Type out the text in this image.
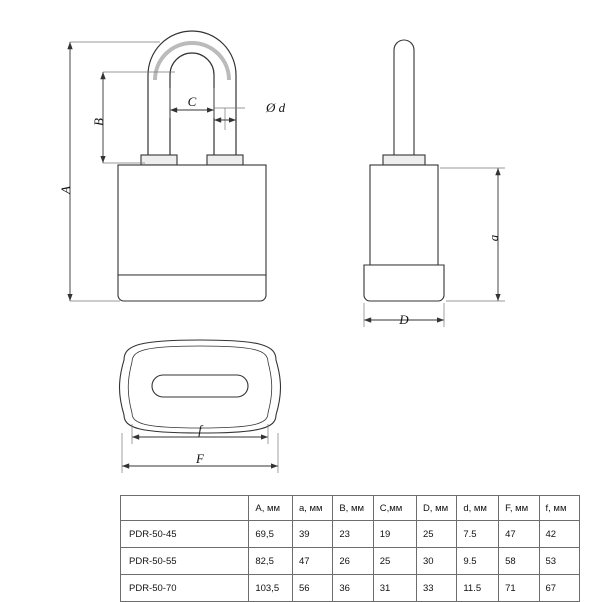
A
B
C	Ø d
a
D
f
F
	A, мм	a, мм	B, мм	C,мм	D, мм	d, мм	F, мм	f, мм
PDR-50-45	69,5	39	23	19	25	7.5	47	42
PDR-50-55	82,5	47	26	25	30	9.5	58	53
PDR-50-70	103,5	56	36	31	33	11.5	71	67
